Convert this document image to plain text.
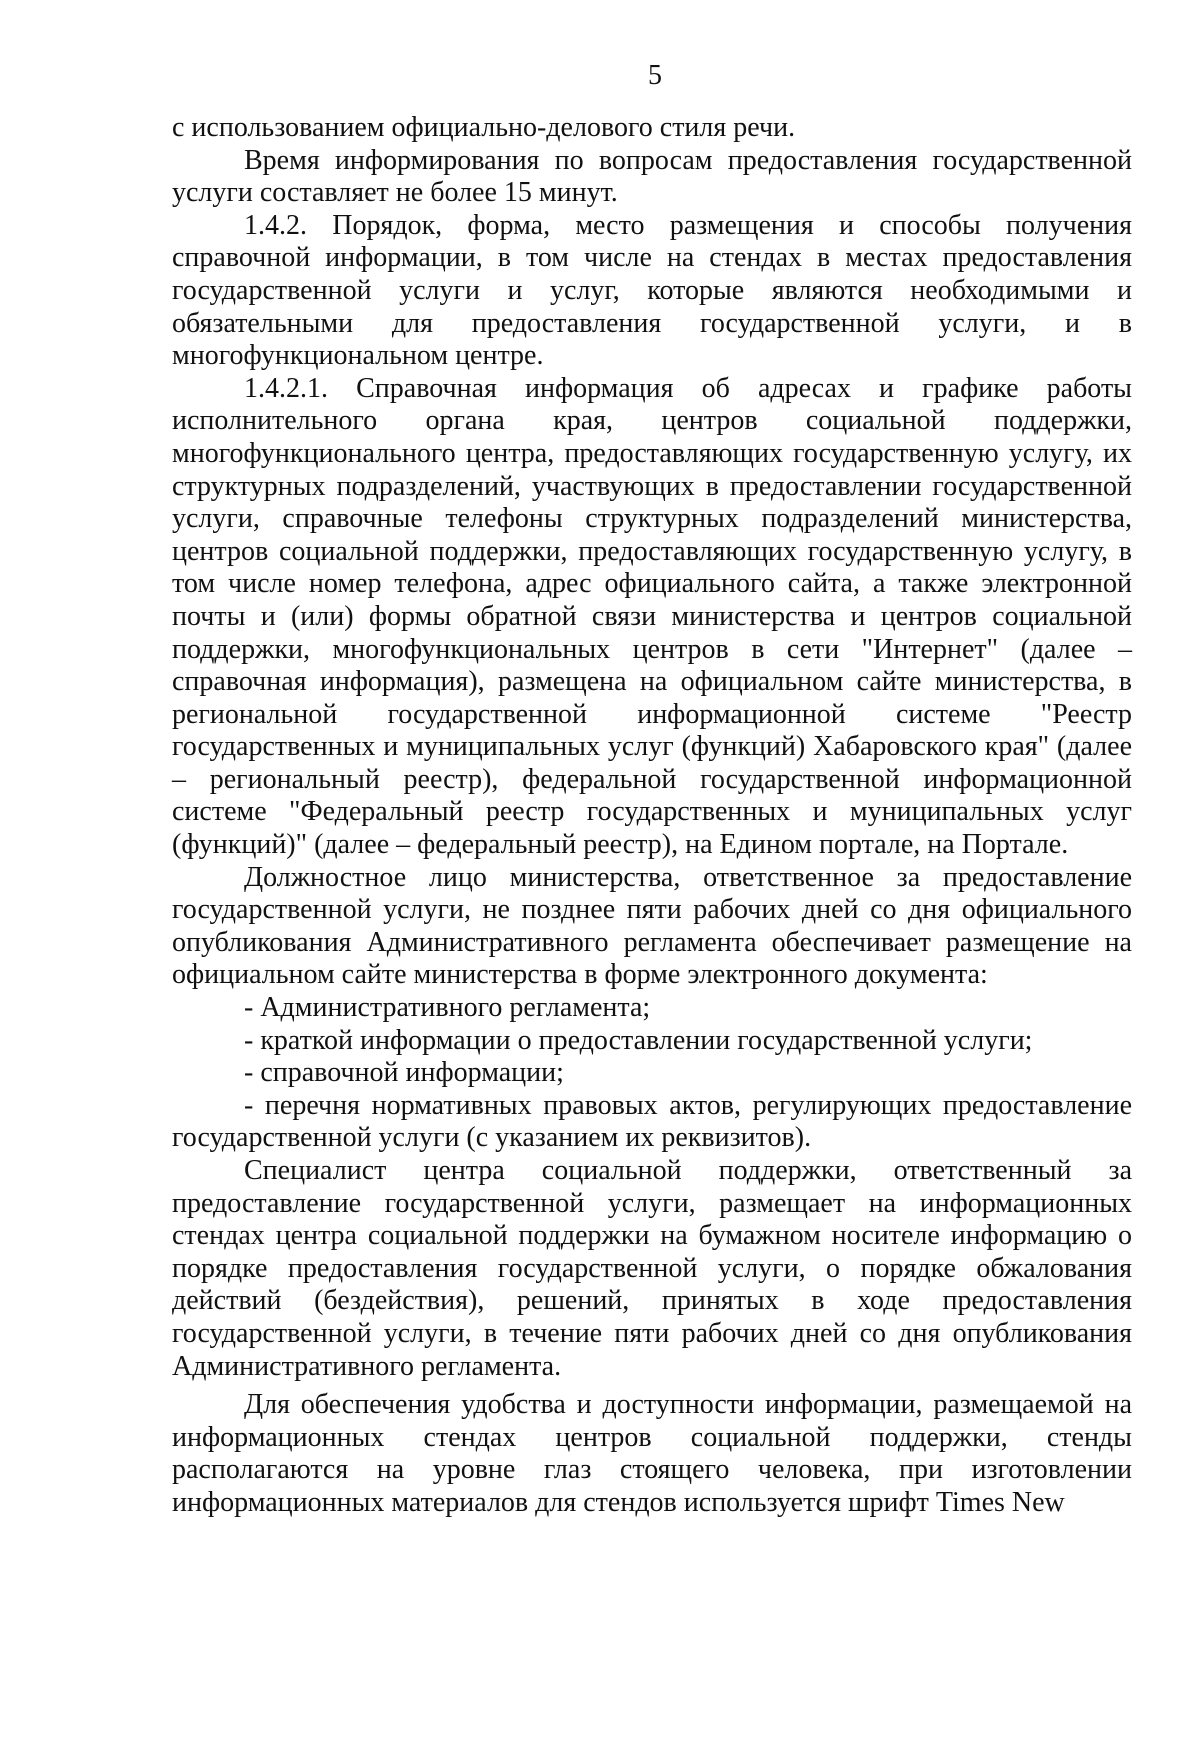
5

с использованием официально-делового стиля речи.

Время информирования по вопросам предоставления государственной услуги составляет не более 15 минут.

1.4.2. Порядок, форма, место размещения и способы получения справочной информации, в том числе на стендах в местах предоставления государственной услуги и услуг, которые являются необходимыми и обязательными для предоставления государственной услуги, и в многофункциональном центре.

1.4.2.1. Справочная информация об адресах и графике работы исполнительного органа края, центров социальной поддержки, многофункционального центра, предоставляющих государственную услугу, их структурных подразделений, участвующих в предоставлении государственной услуги, справочные телефоны структурных подразделений министерства, центров социальной поддержки, предоставляющих государственную услугу, в том числе номер телефона, адрес официального сайта, а также электронной почты и (или) формы обратной связи министерства и центров социальной поддержки, многофункциональных центров в сети "Интернет" (далее – справочная информация), размещена на официальном сайте министерства, в региональной государственной информационной системе "Реестр государственных и муниципальных услуг (функций) Хабаровского края" (далее – региональный реестр), федеральной государственной информационной системе "Федеральный реестр государственных и муниципальных услуг (функций)" (далее – федеральный реестр), на Едином портале, на Портале.

Должностное лицо министерства, ответственное за предоставление государственной услуги, не позднее пяти рабочих дней со дня официального опубликования Административного регламента обеспечивает размещение на официальном сайте министерства в форме электронного документа:

- Административного регламента;

- краткой информации о предоставлении государственной услуги;

- справочной информации;

- перечня нормативных правовых актов, регулирующих предоставление государственной услуги (с указанием их реквизитов).

Специалист центра социальной поддержки, ответственный за предоставление государственной услуги, размещает на информационных стендах центра социальной поддержки на бумажном носителе информацию о порядке предоставления государственной услуги, о порядке обжалования действий (бездействия), решений, принятых в ходе предоставления государственной услуги, в течение пяти рабочих дней со дня опубликования Административного регламента.

Для обеспечения удобства и доступности информации, размещаемой на информационных стендах центров социальной поддержки, стенды располагаются на уровне глаз стоящего человека, при изготовлении информационных материалов для стендов используется шрифт Times New
